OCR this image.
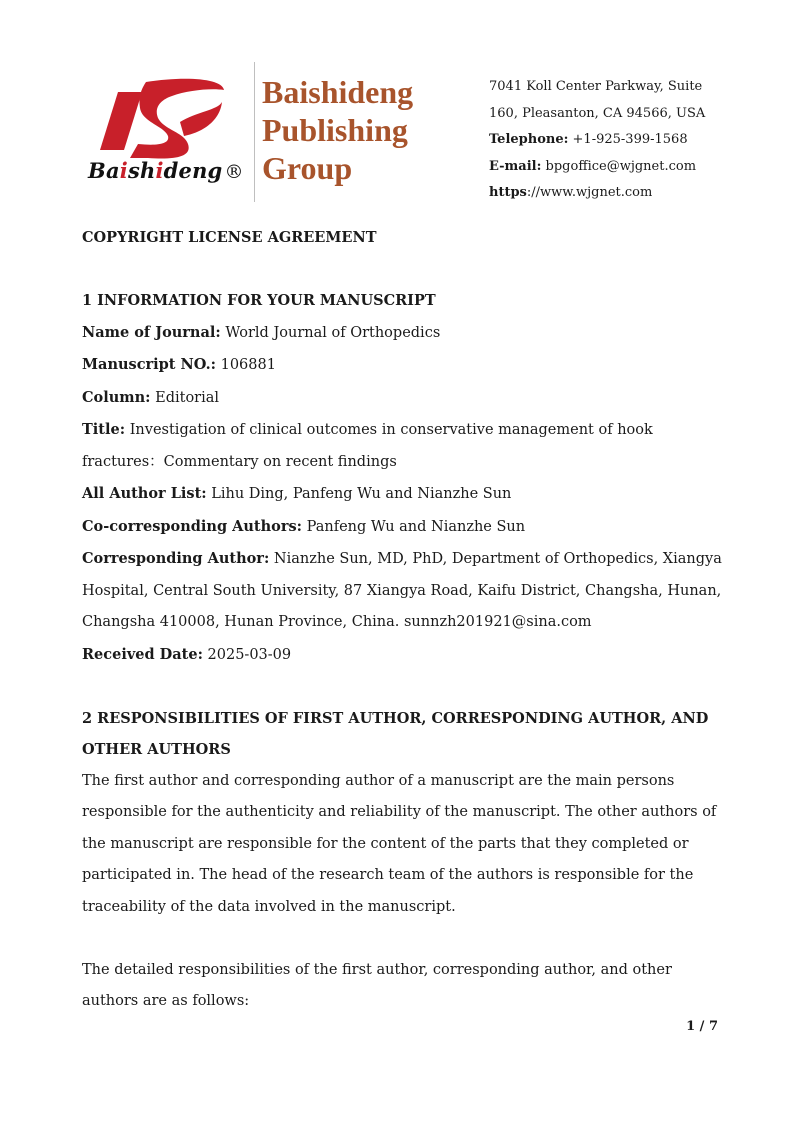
Baishideng ®
Baishideng
Publishing
Group
7041 Koll Center Parkway, Suite
160, Pleasanton, CA 94566, USA
Telephone: +1-925-399-1568
E-mail: bpgoffice@wjgnet.com
https://www.wjgnet.com

COPYRIGHT LICENSE AGREEMENT

1 INFORMATION FOR YOUR MANUSCRIPT

Name of Journal: World Journal of Orthopedics

Manuscript NO.: 106881

Column: Editorial

Title: Investigation of clinical outcomes in conservative management of hook fractures：Commentary on recent findings

All Author List: Lihu Ding, Panfeng Wu and Nianzhe Sun

Co-corresponding Authors: Panfeng Wu and Nianzhe Sun

Corresponding Author: Nianzhe Sun, MD, PhD, Department of Orthopedics, Xiangya Hospital, Central South University, 87 Xiangya Road, Kaifu District, Changsha, Hunan, Changsha 410008, Hunan Province, China. sunnzh201921@sina.com

Received Date: 2025-03-09

2 RESPONSIBILITIES OF FIRST AUTHOR, CORRESPONDING AUTHOR, AND OTHER AUTHORS

The first author and corresponding author of a manuscript are the main persons responsible for the authenticity and reliability of the manuscript. The other authors of the manuscript are responsible for the content of the parts that they completed or participated in. The head of the research team of the authors is responsible for the traceability of the data involved in the manuscript.

The detailed responsibilities of the first author, corresponding author, and other authors are as follows:

1 / 7
